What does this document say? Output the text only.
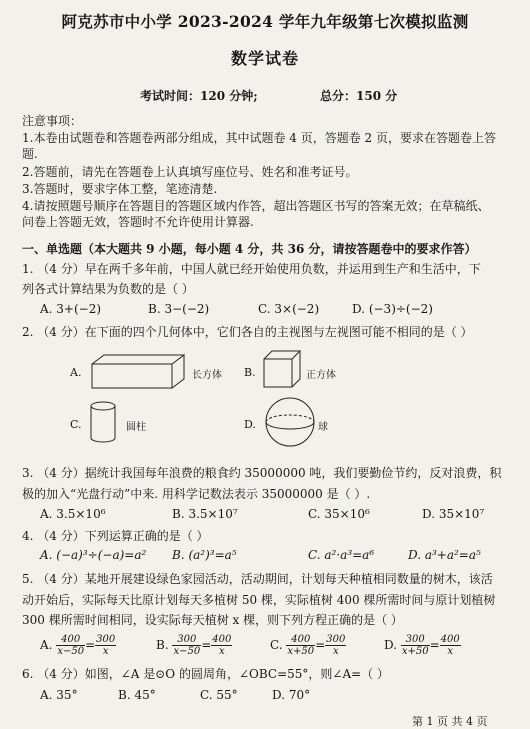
阿克苏市中小学 2023-2024 学年九年级第七次模拟监测
数学试卷
考试时间：120 分钟;	总分：150 分
注意事项：
1.本卷由试题卷和答题卷两部分组成，其中试题卷 4 页，答题卷 2 页，要求在答题卷上答
题.
2.答题前，请先在答题卷上认真填写座位号、姓名和准考证号。
3.答题时，要求字体工整，笔迹清楚.
4.请按照题号顺序在答题目的答题区域内作答，超出答题区书写的答案无效；在草稿纸、
问卷上答题无效，答题时不允许使用计算器.
一、单选题（本大题共 9 小题，每小题 4 分，共 36 分，请按答题卷中的要求作答）
1. （4 分）早在两千多年前，中国人就已经开始使用负数，并运用到生产和生活中，下
列各式计算结果为负数的是（ ）
A. 3+(−2)	B. 3−(−2)	C. 3×(−2)	D. (−3)÷(−2)
2. （4 分）在下面的四个几何体中，它们各自的主视图与左视图可能不相同的是（ ）
A.	长方体 B.	正方体
C.	圆柱	D.	球
3. （4 分）据统计我国每年浪费的粮食约 35000000 吨，我们要勤俭节约，反对浪费，积
极的加入“光盘行动”中来. 用科学记数法表示 35000000 是（ ）.
A. 3.5×10⁶	B. 3.5×10⁷	C. 35×10⁶	D. 35×10⁷
4. （4 分）下列运算正确的是（ ）
A. (−a)³÷(−a)=a² B. (a²)³=a⁵	C. a²·a³=a⁶	D. a³+a²=a⁵
5. （4 分）某地开展建设绿色家园活动，活动期间，计划每天种植相同数量的树木，该活
动开始后，实际每天比原计划每天多植树 50 棵，实际植树 400 棵所需时间与原计划植树
300 棵所需时间相同，设实际每天植树 x 棵，则下列方程正确的是（ ）
A. $\frac{400}{x-50} = \frac{300}{x}$	B. $\frac{300}{x-50} = \frac{400}{x}$	C. $\frac{400}{x+50} = \frac{300}{x}$	D. $\frac{300}{x+50} = \frac{400}{x}$
6. （4 分）如图，∠A 是⊙O 的圆周角，∠OBC=55°，则∠A=（ ）
A. 35°	B. 45°	C. 55°	D. 70°
第 1 页 共 4 页
